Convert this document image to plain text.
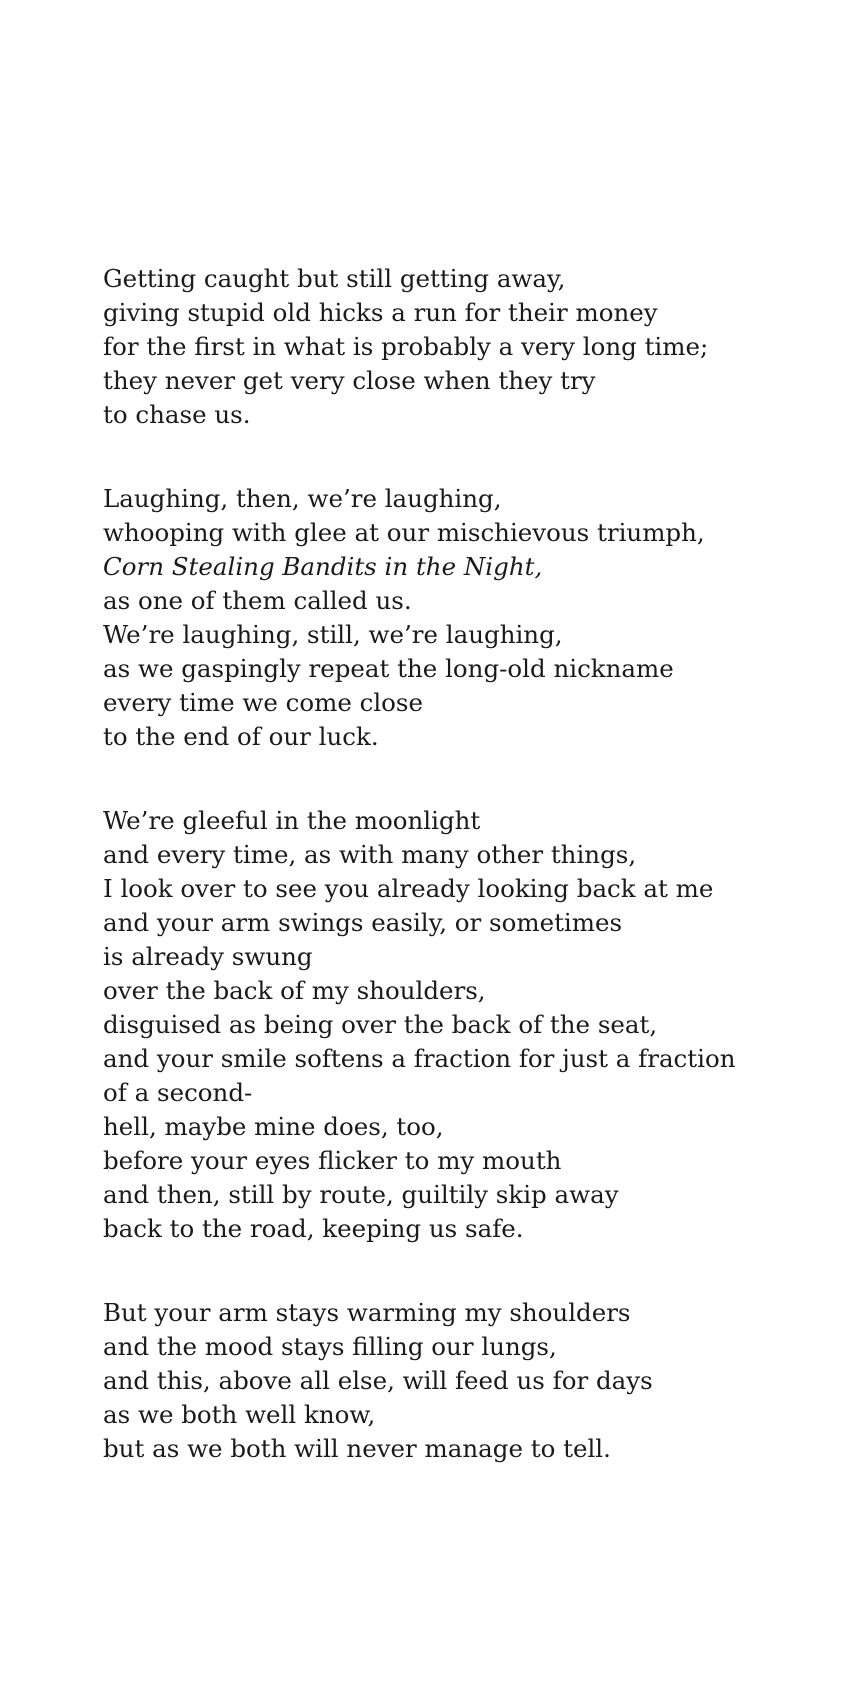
Getting caught but still getting away,
giving stupid old hicks a run for their money
for the first in what is probably a very long time;
they never get very close when they try
to chase us.
Laughing, then, we’re laughing,
whooping with glee at our mischievous triumph,
Corn Stealing Bandits in the Night,
as one of them called us.
We’re laughing, still, we’re laughing,
as we gaspingly repeat the long-old nickname
every time we come close
to the end of our luck.
We’re gleeful in the moonlight
and every time, as with many other things,
I look over to see you already looking back at me
and your arm swings easily, or sometimes
is already swung
over the back of my shoulders,
disguised as being over the back of the seat,
and your smile softens a fraction for just a fraction
of a second-
hell, maybe mine does, too,
before your eyes flicker to my mouth
and then, still by route, guiltily skip away
back to the road, keeping us safe.
But your arm stays warming my shoulders
and the mood stays filling our lungs,
and this, above all else, will feed us for days
as we both well know,
but as we both will never manage to tell.
